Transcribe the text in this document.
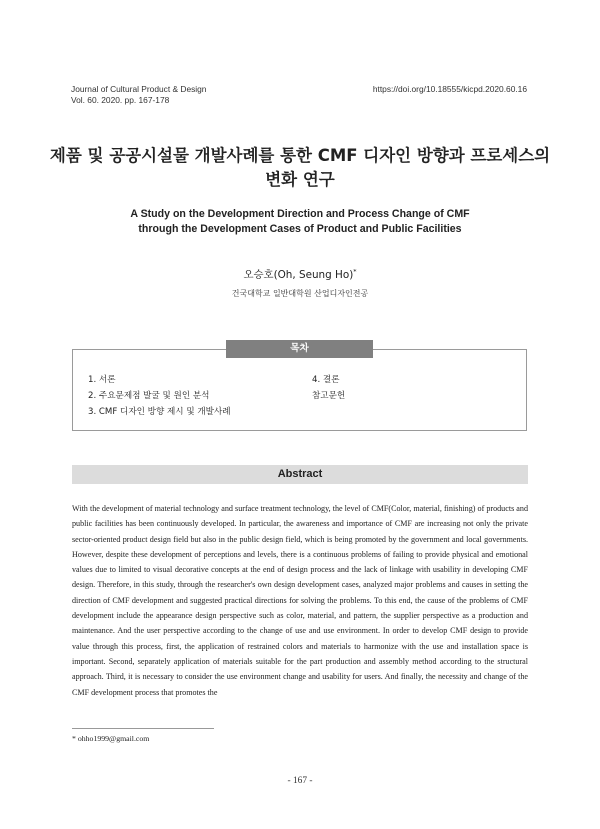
Journal of Cultural Product & Design
Vol. 60. 2020. pp. 167-178
https://doi.org/10.18555/kicpd.2020.60.16
제품 및 공공시설물 개발사례를 통한 CMF 디자인 방향과 프로세스의
변화 연구
A Study on the Development Direction and Process Change of CMF
through the Development Cases of Product and Public Facilities
오승호(Oh, Seung Ho)*
건국대학교 일반대학원 산업디자인전공
목차
1. 서론
2. 주요문제점 발굴 및 원인 분석
3. CMF 디자인 방향 제시 및 개발사례
4. 결론
참고문헌
Abstract

With the development of material technology and surface treatment technology, the level of CMF(Color, material, finishing) of products and public facilities has been continuously developed. In particular, the awareness and importance of CMF are increasing not only the private sector-oriented product design field but also in the public design field, which is being promoted by the government and local governments. However, despite these development of perceptions and levels, there is a continuous problems of failing to provide physical and emotional values due to limited to visual decorative concepts at the end of design process and the lack of linkage with usability in developing CMF design. Therefore, in this study, through the researcher's own design development cases, analyzed major problems and causes in setting the direction of CMF development and suggested practical directions for solving the problems. To this end, the cause of the problems of CMF development include the appearance design perspective such as color, material, and pattern, the supplier perspective as a production and maintenance. And the user perspective according to the change of use and use environment. In order to develop CMF design to provide value through this process, first, the application of restrained colors and materials to harmonize with the use and installation space is important. Second, separately application of materials suitable for the part production and assembly method according to the structural approach. Third, it is necessary to consider the use environment change and usability for users. And finally, the necessity and change of the CMF development process that promotes the

* ohho1999@gmail.com
- 167 -
